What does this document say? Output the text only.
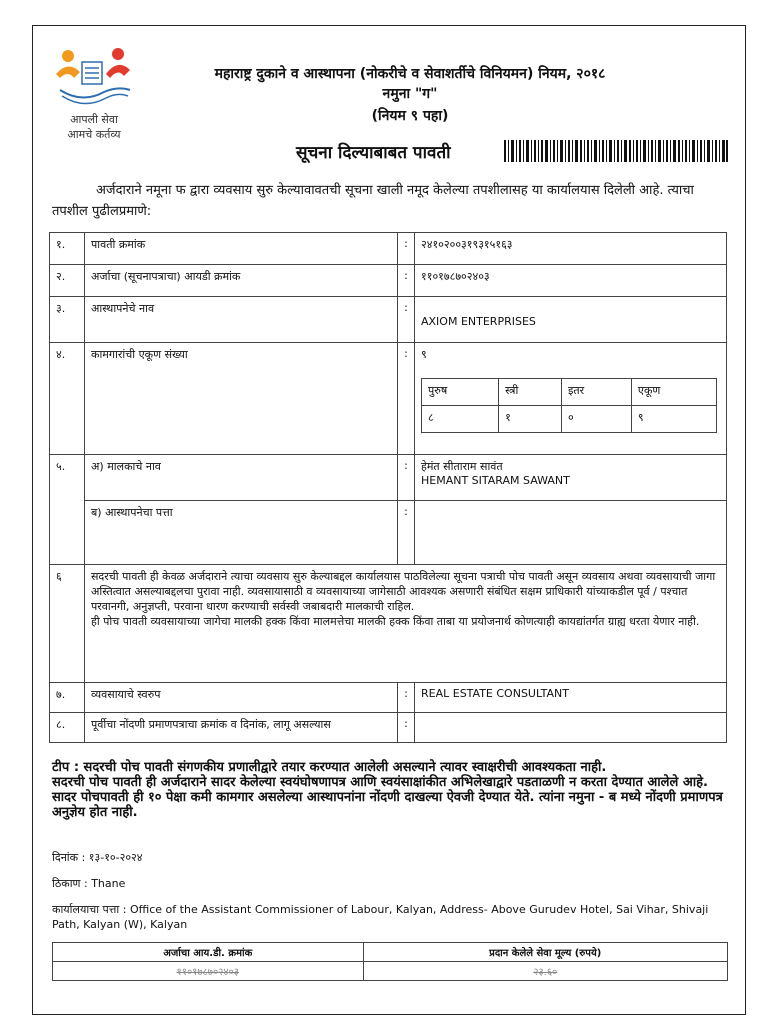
आपली सेवा
आमचे कर्तव्य
महाराष्ट्र दुकाने व आस्थापना (नोकरीचे व सेवाशर्तीचे विनियमन) नियम, २०१८
नमुना "ग"
(नियम ९ पहा)
सूचना दिल्याबाबत पावती
अर्जदाराने नमूना फ द्वारा व्यवसाय सुरु केल्यावावतची सूचना खाली नमूद केलेल्या तपशीलासह या कार्यालयास दिलेली आहे. त्याचा तपशील पुढीलप्रमाणे:
१.	पावती क्रमांक	:	२४१०२००३१९३१५१६३
२.	अर्जाचा (सूचनापत्राचा) आयडी क्रमांक	:	११०१७८७०२४०३
३.	आस्थापनेचे नाव	:	
AXIOM ENTERPRISES
४.	कामगारांची एकूण संख्या	:	९
पुरुष	स्त्री	इतर	एकूण
८	१	०	९

५.	अ) मालकाचे नाव	:	हेमंत सीताराम सावंत
HEMANT SITARAM SAWANT

ब) आस्थापनेचा पत्ता	:	
६	सदरची पावती ही केवळ अर्जदाराने त्याचा व्यवसाय सुरु केल्याबद्दल कार्यालयास पाठविलेल्या सूचना पत्राची पोच पावती असून व्यवसाय अथवा व्यवसायाची जागा अस्तित्वात असल्याबद्दलचा पुरावा नाही. व्यवसायासाठी व व्यवसायाच्या जागेसाठी आवश्यक असणारी संबंधित सक्षम प्राधिकारी यांच्याकडील पूर्व / पश्चात परवानगी, अनुज्ञप्ती, परवाना धारण करण्याची सर्वस्वी जबाबदारी मालकाची राहिल.
ही पोच पावती व्यवसायाच्या जागेचा मालकी हक्क किंवा मालमत्तेचा मालकी हक्क किंवा ताबा या प्रयोजनार्थ कोणत्याही कायद्यांतर्गत ग्राह्य धरता येणार नाही.

७.	व्यवसायाचे स्वरुप	:	REAL ESTATE CONSULTANT
८.	पूर्वीचा नोंदणी प्रमाणपत्राचा क्रमांक व दिनांक, लागू असल्यास	:	
टीप : सदरची पोच पावती संगणकीय प्रणालीद्वारे तयार करण्यात आलेली असल्याने त्यावर स्वाक्षरीची आवश्यकता नाही.
सदरची पोच पावती ही अर्जदाराने सादर केलेल्या स्वयंघोषणापत्र आणि स्वयंसाक्षांकीत अभिलेखाद्वारे पडताळणी न करता देण्यात आलेले आहे.
सादर पोचपावती ही १० पेक्षा कमी कामगार असलेल्या आस्थापनांना नोंदणी दाखल्या ऐवजी देण्यात येते. त्यांना नमुना - ब मध्ये नोंदणी प्रमाणपत्र अनुज्ञेय होत नाही.
दिनांक : १३-१०-२०२४
ठिकाण : Thane
कार्यालयाचा पत्ता : Office of the Assistant Commissioner of Labour, Kalyan, Address- Above Gurudev Hotel, Sai Vihar, Shivaji Path, Kalyan (W), Kalyan
अर्जाचा आय.डी. क्रमांक	प्रदान केलेले सेवा मूल्य (रुपये)
११०१७८७०२४०३	२३.६०
